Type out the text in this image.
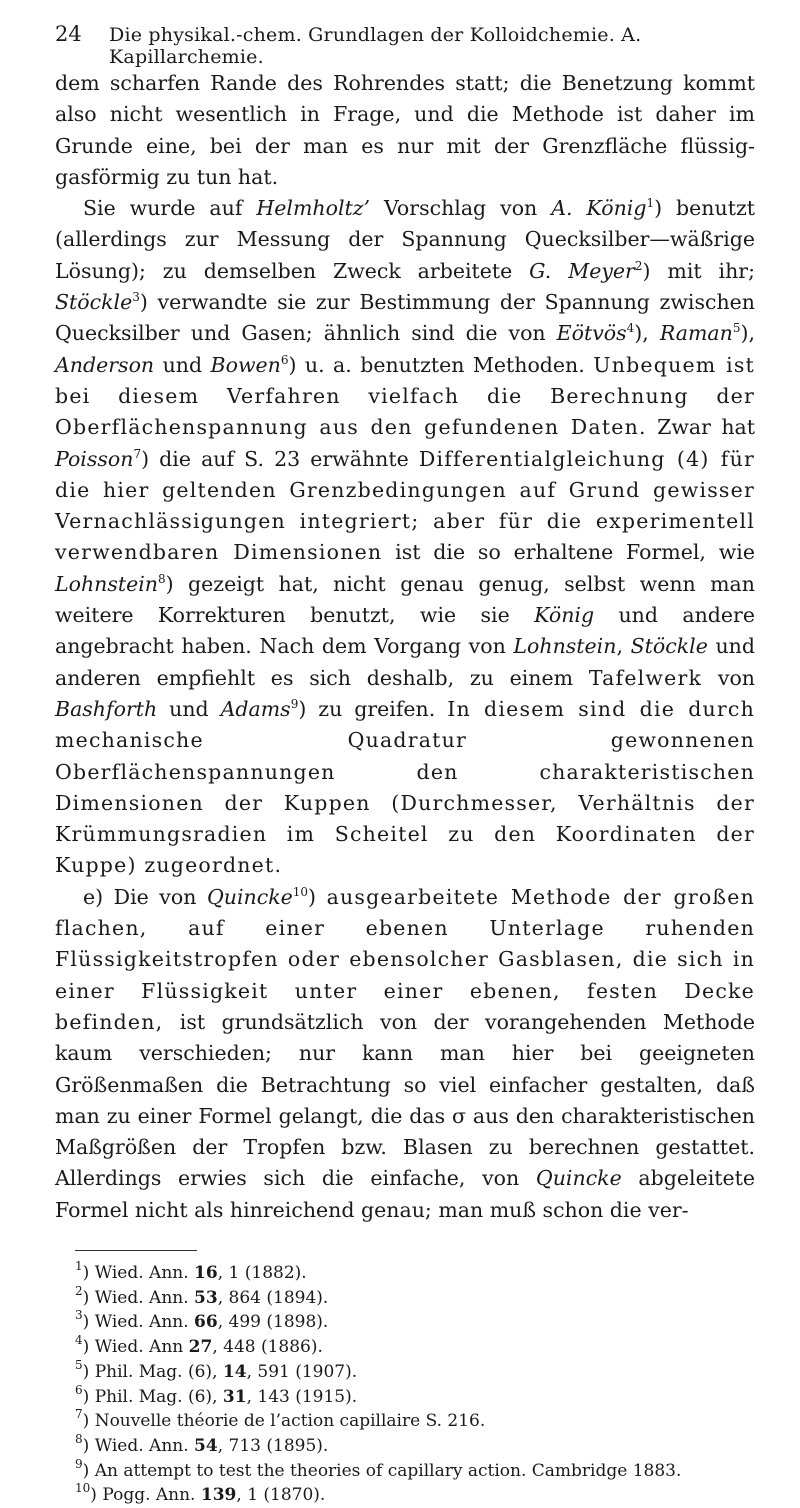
24	Die physikal.-chem. Grundlagen der Kolloidchemie. A. Kapillarchemie.

dem scharfen Rande des Rohrendes statt; die Benetzung kommt also nicht wesentlich in Frage, und die Methode ist daher im Grunde eine, bei der man es nur mit der Grenzfläche flüssig-gasförmig zu tun hat.

Sie wurde auf Helmholtz’ Vorschlag von A. König$^1$) benutzt (allerdings zur Messung der Spannung Quecksilber—wäßrige Lösung); zu demselben Zweck arbeitete G. Meyer$^2$) mit ihr; Stöckle$^3$) verwandte sie zur Bestimmung der Spannung zwischen Quecksilber und Gasen; ähnlich sind die von Eötvös$^4$), Raman$^5$), Anderson und Bowen$^6$) u. a. benutzten Methoden. Unbequem ist bei diesem Verfahren vielfach die Berechnung der Oberflächenspannung aus den gefundenen Daten. Zwar hat Poisson$^7$) die auf S. 23 erwähnte Differentialgleichung (4) für die hier geltenden Grenzbedingungen auf Grund gewisser Vernachlässigungen integriert; aber für die experimentell verwendbaren Dimensionen ist die so erhaltene Formel, wie Lohnstein$^8$) gezeigt hat, nicht genau genug, selbst wenn man weitere Korrekturen benutzt, wie sie König und andere angebracht haben. Nach dem Vorgang von Lohnstein, Stöckle und anderen empfiehlt es sich deshalb, zu einem Tafelwerk von Bashforth und Adams$^9$) zu greifen. In diesem sind die durch mechanische Quadratur gewonnenen Oberflächenspannungen den charakteristischen Dimensionen der Kuppen (Durchmesser, Verhältnis der Krümmungsradien im Scheitel zu den Koordinaten der Kuppe) zugeordnet.

e) Die von Quincke$^{10}$) ausgearbeitete Methode der großen flachen, auf einer ebenen Unterlage ruhenden Flüssigkeitstropfen oder ebensolcher Gasblasen, die sich in einer Flüssigkeit unter einer ebenen, festen Decke befinden, ist grundsätzlich von der vorangehenden Methode kaum verschieden; nur kann man hier bei geeigneten Größenmaßen die Betrachtung so viel einfacher gestalten, daß man zu einer Formel gelangt, die das σ aus den charakteristischen Maßgrößen der Tropfen bzw. Blasen zu berechnen gestattet. Allerdings erwies sich die einfache, von Quincke abgeleitete Formel nicht als hinreichend genau; man muß schon die ver-

$^1$) Wied. Ann. 16, 1 (1882).
$^2$) Wied. Ann. 53, 864 (1894).
$^3$) Wied. Ann. 66, 499 (1898).
$^4$) Wied. Ann 27, 448 (1886).
$^5$) Phil. Mag. (6), 14, 591 (1907).
$^6$) Phil. Mag. (6), 31, 143 (1915).
$^7$) Nouvelle théorie de l’action capillaire S. 216.
$^8$) Wied. Ann. 54, 713 (1895).
$^9$) An attempt to test the theories of capillary action. Cambridge 1883.
$^{10}$) Pogg. Ann. 139, 1 (1870).
